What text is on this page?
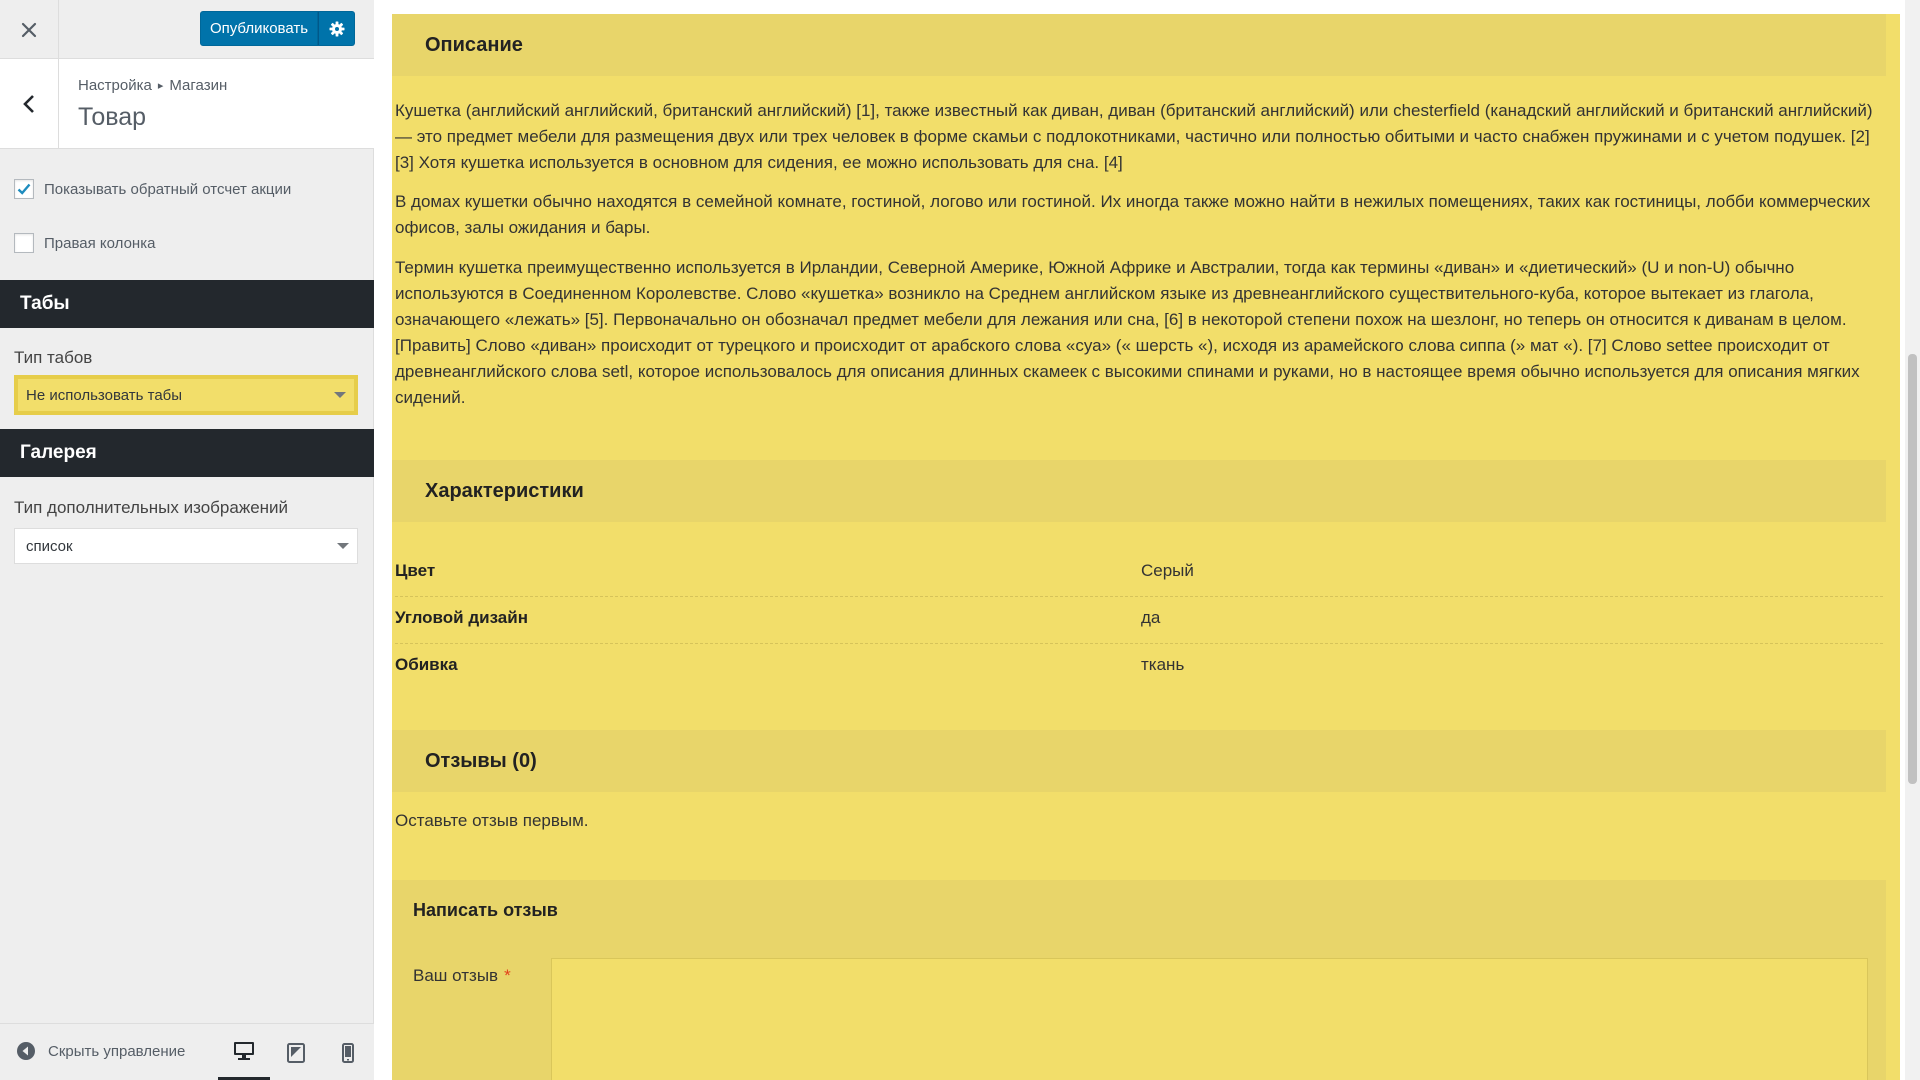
Опубликовать
Настройка ▸ Магазин
Товар
Показывать обратный отсчет акции
Правая колонка
Табы
Тип табов
Не использовать табы
Галерея
Тип дополнительных изображений
список
Скрыть управление
Описание

Кушетка (английский английский, британский английский) [1], также известный как диван, диван (британский английский) или chesterfield (канадский английский и британский английский) — это предмет мебели для размещения двух или трех человек в форме скамьи с подлокотниками, частично или полностью обитыми и часто снабжен пружинами и с учетом подушек. [2] [3] Хотя кушетка используется в основном для сидения, ее можно использовать для сна. [4]

В домах кушетки обычно находятся в семейной комнате, гостиной, логово или гостиной. Их иногда также можно найти в нежилых помещениях, таких как гостиницы, лобби коммерческих офисов, залы ожидания и бары.

Термин кушетка преимущественно используется в Ирландии, Северной Америке, Южной Африке и Австралии, тогда как термины «диван» и «диетический» (U и non-U) обычно используются в Соединенном Королевстве. Слово «кушетка» возникло на Среднем английском языке из древнеанглийского существительного-куба, которое вытекает из глагола, означающего «лежать» [5]. Первоначально он обозначал предмет мебели для лежания или сна, [6] в некоторой степени похож на шезлонг, но теперь он относится к диванам в целом. [Править] Слово «диван» происходит от турецкого и происходит от арабского слова «суа» (« шерсть «), исходя из арамейского слова сиппа (» мат «). [7] Слово settee происходит от древнеанглийского слова setl, которое использовалось для описания длинных скамеек с высокими спинами и руками, но в настоящее время обычно используется для описания мягких сидений.

Характеристики
Цвет	Серый
Угловой дизайн	да
Обивка	ткань
Отзывы (0)

Оставьте отзыв первым.

Написать отзыв
Ваш отзыв *
